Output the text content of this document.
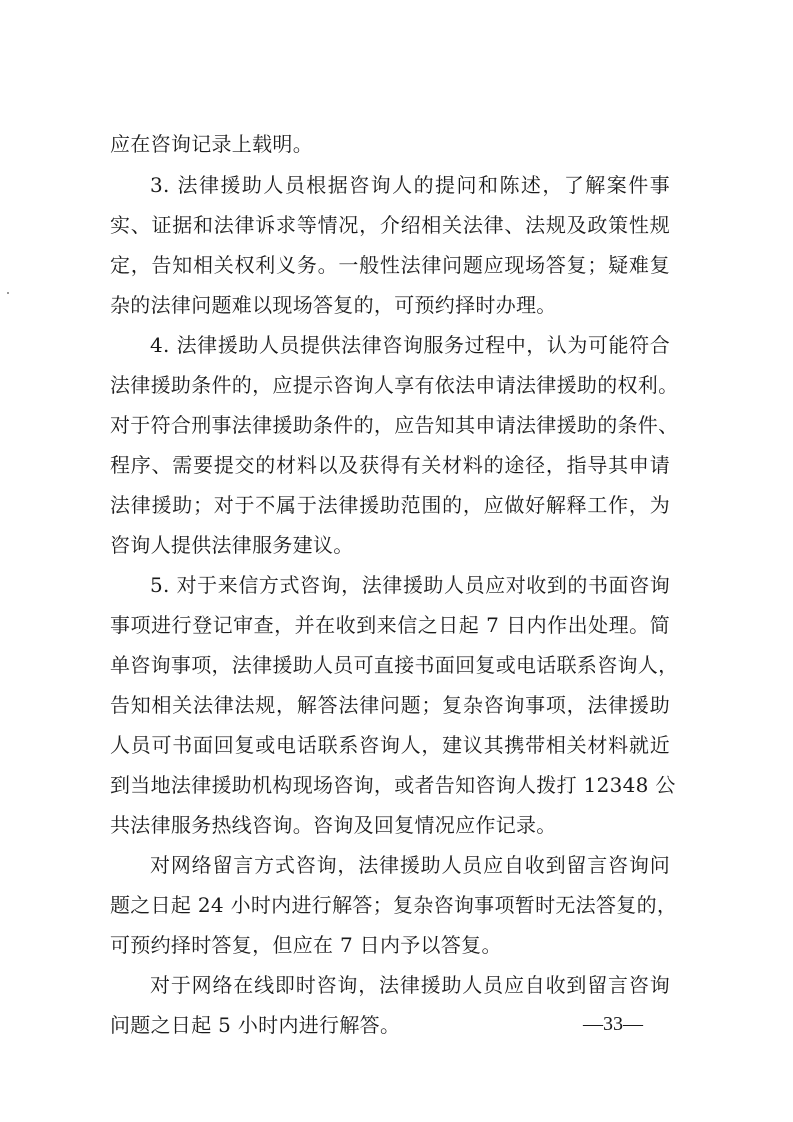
应在咨询记录上载明。
3. 法律援助人员根据咨询人的提问和陈述，了解案件事
实、证据和法律诉求等情况，介绍相关法律、法规及政策性规
定，告知相关权利义务。一般性法律问题应现场答复；疑难复
杂的法律问题难以现场答复的，可预约择时办理。
4. 法律援助人员提供法律咨询服务过程中，认为可能符合
法律援助条件的，应提示咨询人享有依法申请法律援助的权利。
对于符合刑事法律援助条件的，应告知其申请法律援助的条件、
程序、需要提交的材料以及获得有关材料的途径，指导其申请
法律援助；对于不属于法律援助范围的，应做好解释工作，为
咨询人提供法律服务建议。
5. 对于来信方式咨询，法律援助人员应对收到的书面咨询
事项进行登记审查，并在收到来信之日起 7 日内作出处理。简
单咨询事项，法律援助人员可直接书面回复或电话联系咨询人，
告知相关法律法规，解答法律问题；复杂咨询事项，法律援助
人员可书面回复或电话联系咨询人，建议其携带相关材料就近
到当地法律援助机构现场咨询，或者告知咨询人拨打 12348 公
共法律服务热线咨询。咨询及回复情况应作记录。
对网络留言方式咨询，法律援助人员应自收到留言咨询问
题之日起 24 小时内进行解答；复杂咨询事项暂时无法答复的，
可预约择时答复，但应在 7 日内予以答复。
对于网络在线即时咨询，法律援助人员应自收到留言咨询
问题之日起 5 小时内进行解答。	—33—
